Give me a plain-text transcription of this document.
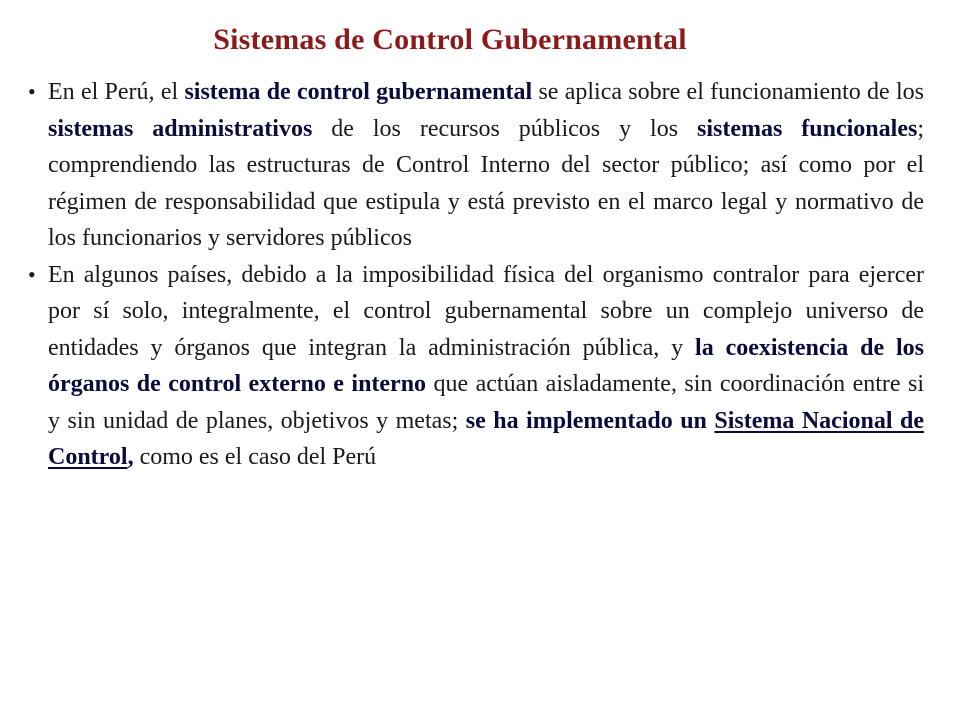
Sistemas de Control Gubernamental
• En el Perú, el sistema de control gubernamental se aplica sobre el funcionamiento de los sistemas administrativos de los recursos públicos y los sistemas funcionales; comprendiendo las estructuras de Control Interno del sector público; así como por el régimen de responsabilidad que estipula y está previsto en el marco legal y normativo de los funcionarios y servidores públicos
• En algunos países, debido a la imposibilidad física del organismo contralor para ejercer por sí solo, integralmente, el control gubernamental sobre un complejo universo de entidades y órganos que integran la administración pública, y la coexistencia de los órganos de control externo e interno que actúan aisladamente, sin coordinación entre si y sin unidad de planes, objetivos y metas; se ha implementado un Sistema Nacional de Control, como es el caso del Perú
